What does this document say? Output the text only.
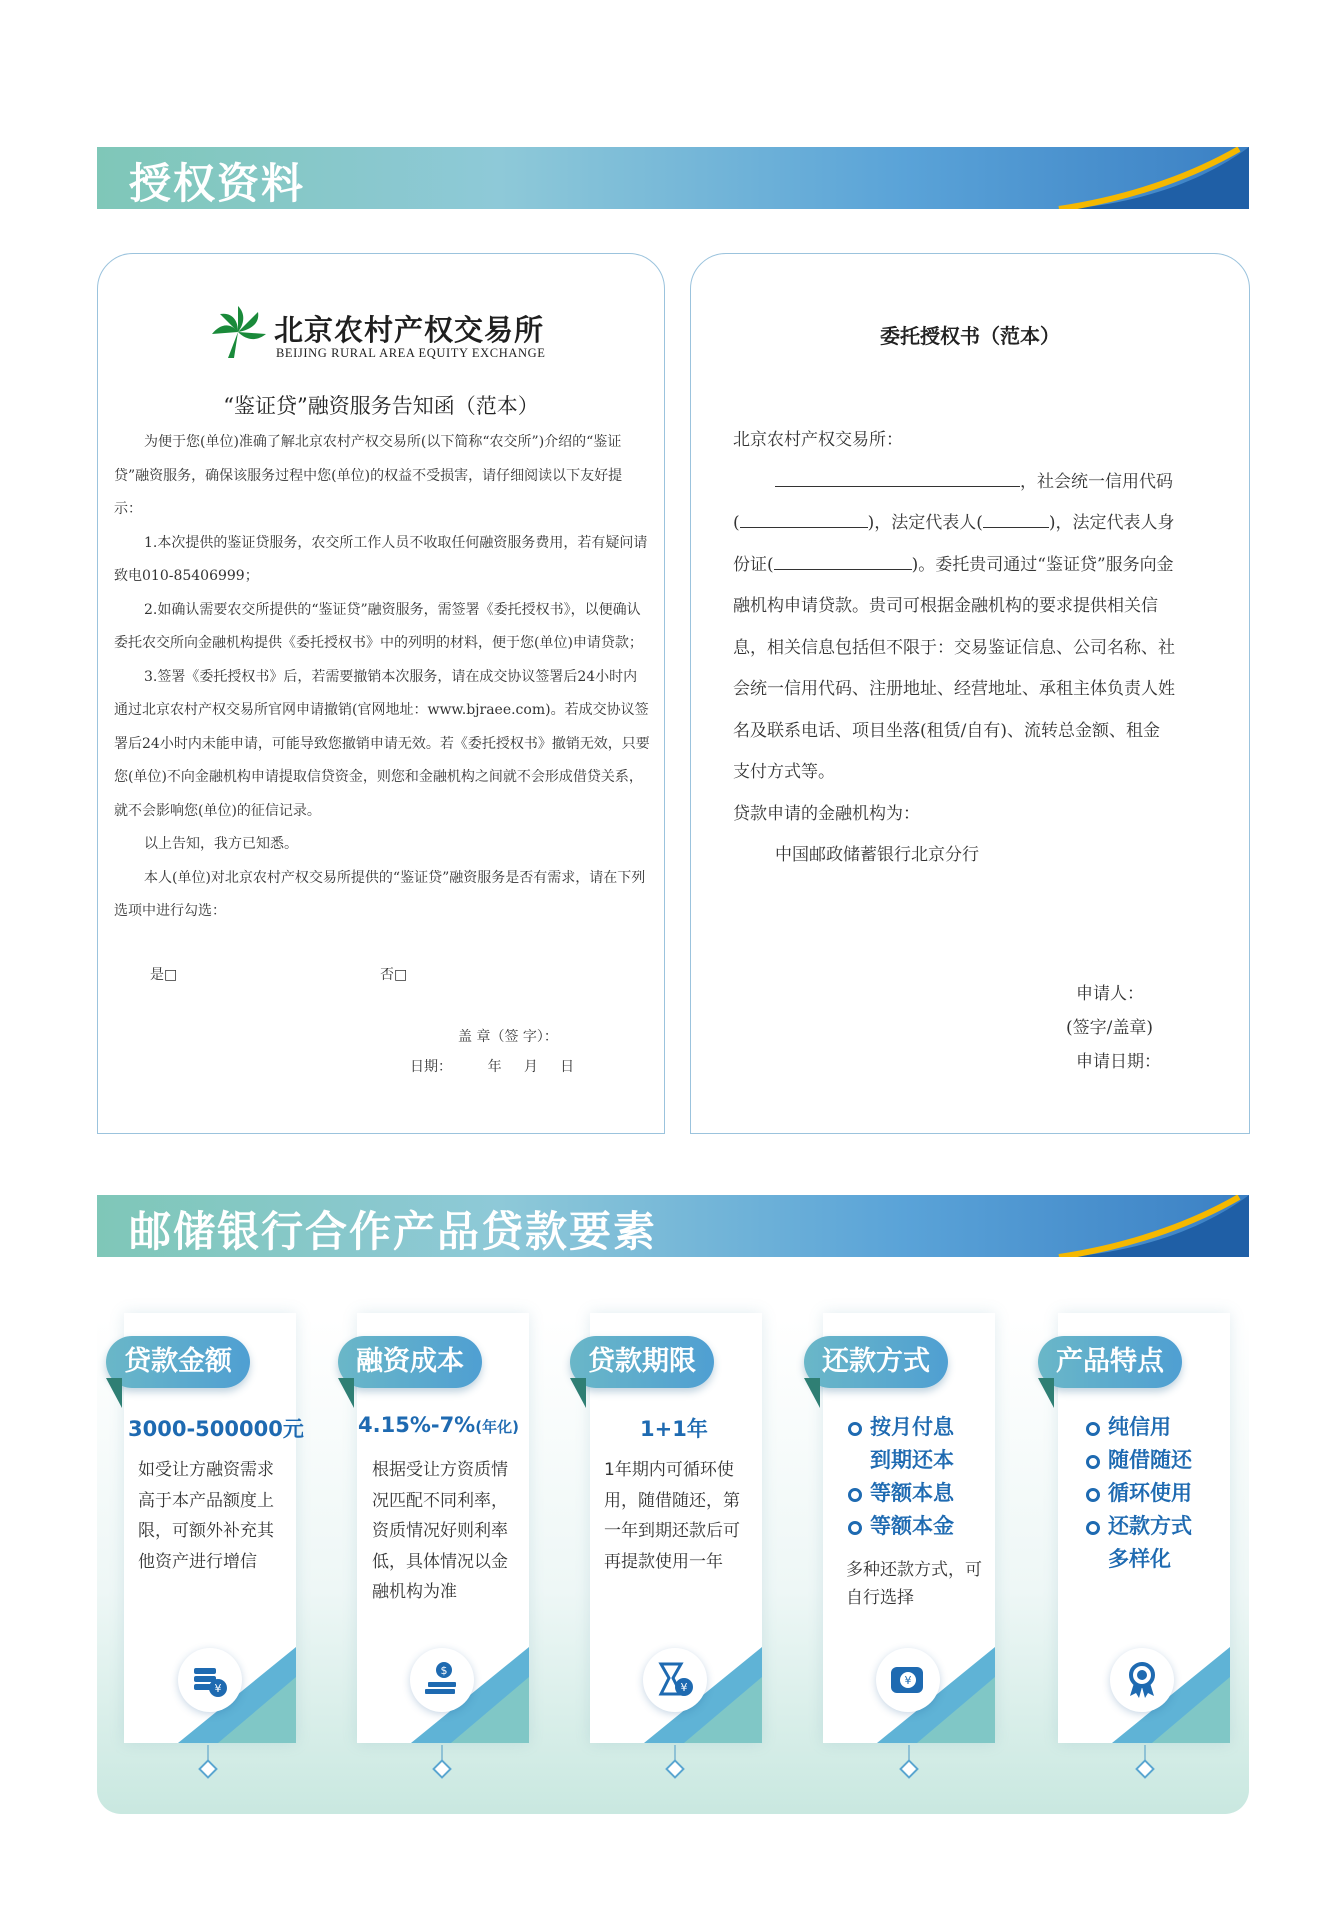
授权资料
北京农村产权交易所
BEIJING RURAL AREA EQUITY EXCHANGE
“鉴证贷”融资服务告知函（范本）

为便于您(单位)准确了解北京农村产权交易所(以下简称“农交所”)介绍的“鉴证贷”融资服务，确保该服务过程中您(单位)的权益不受损害，请仔细阅读以下友好提示：

1.本次提供的鉴证贷服务，农交所工作人员不收取任何融资服务费用，若有疑问请致电010-85406999；

2.如确认需要农交所提供的“鉴证贷”融资服务，需签署《委托授权书》，以便确认委托农交所向金融机构提供《委托授权书》中的列明的材料，便于您(单位)申请贷款；

3.签署《委托授权书》后，若需要撤销本次服务，请在成交协议签署后24小时内通过北京农村产权交易所官网申请撤销(官网地址：www.bjraee.com)。若成交协议签署后24小时内未能申请，可能导致您撤销申请无效。若《委托授权书》撤销无效，只要您(单位)不向金融机构申请提取信贷资金，则您和金融机构之间就不会形成借贷关系，就不会影响您(单位)的征信记录。

以上告知，我方已知悉。

本人(单位)对北京农村产权交易所提供的“鉴证贷”融资服务是否有需求，请在下列选项中进行勾选：

是□	否□
盖 章（签 字）：
日期：        年     月     日
委托授权书（范本）

北京农村产权交易所：

，社会统一信用代码

(	)，法定代表人(	)，法定代表人身

份证(	)。委托贵司通过“鉴证贷”服务向金

融机构申请贷款。贵司可根据金融机构的要求提供相关信

息，相关信息包括但不限于：交易鉴证信息、公司名称、社

会统一信用代码、注册地址、经营地址、承租主体负责人姓

名及联系电话、项目坐落(租赁/自有)、流转总金额、租金

支付方式等。

贷款申请的金融机构为：

中国邮政储蓄银行北京分行

申请人：
(签字/盖章)
申请日期：
邮储银行合作产品贷款要素
贷款金额
3000-500000元
如受让方融资需求高于本产品额度上限，可额外补充其他资产进行增信
¥
融资成本
4.15%-7%(年化)
根据受让方资质情况匹配不同利率，资质情况好则利率低，具体情况以金融机构为准
$
贷款期限
1+1年
1年期内可循环使用，随借随还，第一年到期还款后可再提款使用一年
¥
还款方式
按月付息
到期还本
等额本息
等额本金
多种还款方式，可自行选择
¥
产品特点
纯信用
随借随还
循环使用
还款方式
多样化
